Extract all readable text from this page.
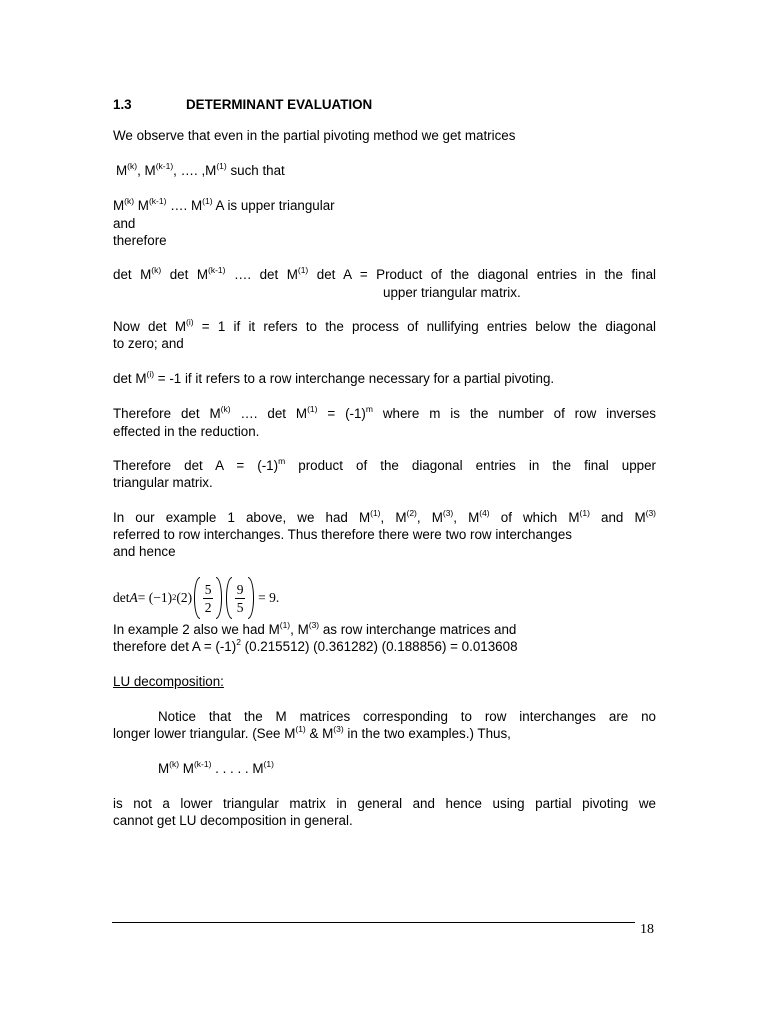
1.3	DETERMINANT EVALUATION
We observe that even in the partial pivoting method we get matrices
$M^{(k)}$, $M^{(k-1)}$, …. $,M^{(1)}$ such that
$M^{(k)}$ $M^{(k-1)}$ …. $M^{(1)}$ A is upper triangular
and
therefore
$\det M^{(k)}$ $\det M^{(k-1)}$ …. $\det M^{(1)}$ det A = Product of the diagonal entries in the final
upper triangular matrix.
Now $\det M^{(i)} = 1$ if it refers to the process of nullifying entries below the diagonal
to zero; and
$\det M^{(i)} = -1$ if it refers to a row interchange necessary for a partial pivoting.
Therefore $\det M^{(k)}$ …. $\det M^{(1)} = (-1)^m$ where m is the number of row inverses
effected in the reduction.
Therefore $\det A = (-1)^m$ product of the diagonal entries in the final upper
triangular matrix.
In our example 1 above, we had $M^{(1)}$, $M^{(2)}$, $M^{(3)}$, $M^{(4)}$ of which $M^{(1)}$ and $M^{(3)}$
referred to row interchanges. Thus therefore there were two row interchanges
and hence
$\det A = (-1)^2$ $(2) \frac{5}{2} \frac{9}{5} = 9$.
In example 2 also we had $M^{(1)}$, $M^{(3)}$ as row interchange matrices and
therefore $\det A = (-1)^2$ (0.215512) (0.361282) (0.188856) = 0.013608
LU decomposition:
Notice that the M matrices corresponding to row interchanges are no
longer lower triangular. (See $M^{(1)}$ & $M^{(3)}$ in the two examples.) Thus,
$M^{(k)}$ $M^{(k-1)}$ . . . . . $M^{(1)}$
is not a lower triangular matrix in general and hence using partial pivoting we
cannot get LU decomposition in general.
18
